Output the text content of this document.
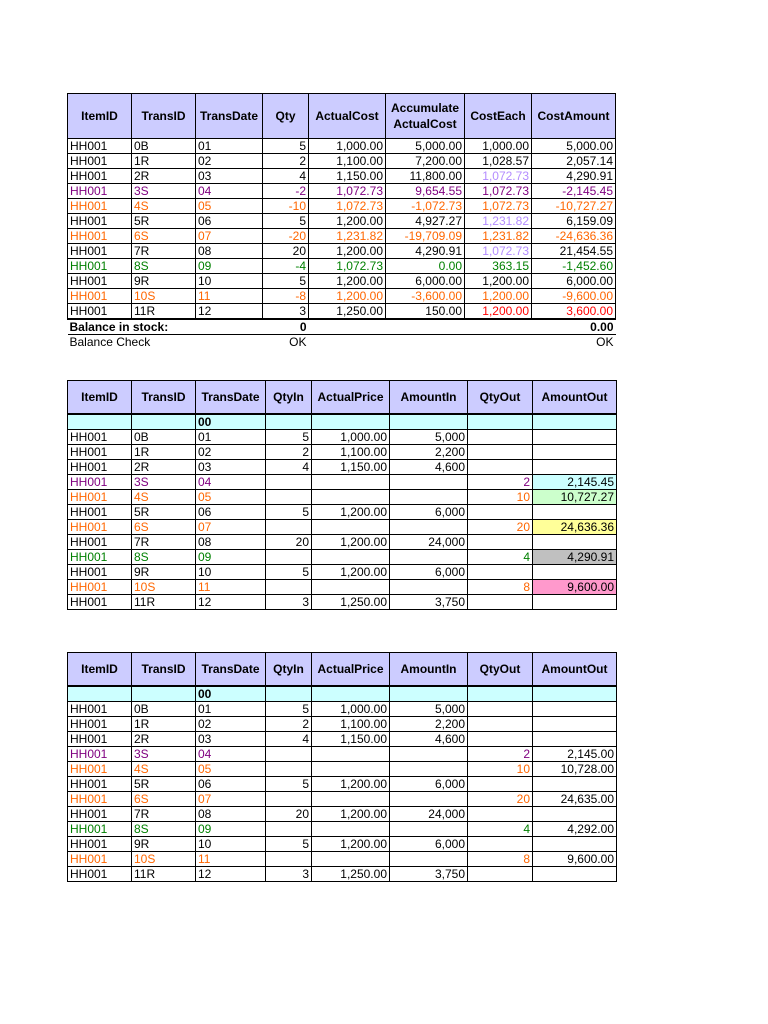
ItemID	TransID	TransDate	Qty	ActualCost	Accumulate ActualCost	CostEach	CostAmount
HH001	0B	01	5	1,000.00	5,000.00	1,000.00	5,000.00
HH001	1R	02	2	1,100.00	7,200.00	1,028.57	2,057.14
HH001	2R	03	4	1,150.00	11,800.00	1,072.73	4,290.91
HH001	3S	04	-2	1,072.73	9,654.55	1,072.73	-2,145.45
HH001	4S	05	-10	1,072.73	-1,072.73	1,072.73	-10,727.27
HH001	5R	06	5	1,200.00	4,927.27	1,231.82	6,159.09
HH001	6S	07	-20	1,231.82	-19,709.09	1,231.82	-24,636.36
HH001	7R	08	20	1,200.00	4,290.91	1,072.73	21,454.55
HH001	8S	09	-4	1,072.73	0.00	363.15	-1,452.60
HH001	9R	10	5	1,200.00	6,000.00	1,200.00	6,000.00
HH001	10S	11	-8	1,200.00	-3,600.00	1,200.00	-9,600.00
HH001	11R	12	3	1,250.00	150.00	1,200.00	3,600.00
Balance in stock:			0				0.00
Balance Check			OK				OK
ItemID	TransID	TransDate	QtyIn	ActualPrice	AmountIn	QtyOut	AmountOut
		00					
HH001	0B	01	5	1,000.00	5,000		
HH001	1R	02	2	1,100.00	2,200		
HH001	2R	03	4	1,150.00	4,600		
HH001	3S	04				2	2,145.45
HH001	4S	05				10	10,727.27
HH001	5R	06	5	1,200.00	6,000		
HH001	6S	07				20	24,636.36
HH001	7R	08	20	1,200.00	24,000		
HH001	8S	09				4	4,290.91
HH001	9R	10	5	1,200.00	6,000		
HH001	10S	11				8	9,600.00
HH001	11R	12	3	1,250.00	3,750		
ItemID	TransID	TransDate	QtyIn	ActualPrice	AmountIn	QtyOut	AmountOut
		00					
HH001	0B	01	5	1,000.00	5,000		
HH001	1R	02	2	1,100.00	2,200		
HH001	2R	03	4	1,150.00	4,600		
HH001	3S	04				2	2,145.00
HH001	4S	05				10	10,728.00
HH001	5R	06	5	1,200.00	6,000		
HH001	6S	07				20	24,635.00
HH001	7R	08	20	1,200.00	24,000		
HH001	8S	09				4	4,292.00
HH001	9R	10	5	1,200.00	6,000		
HH001	10S	11				8	9,600.00
HH001	11R	12	3	1,250.00	3,750		
